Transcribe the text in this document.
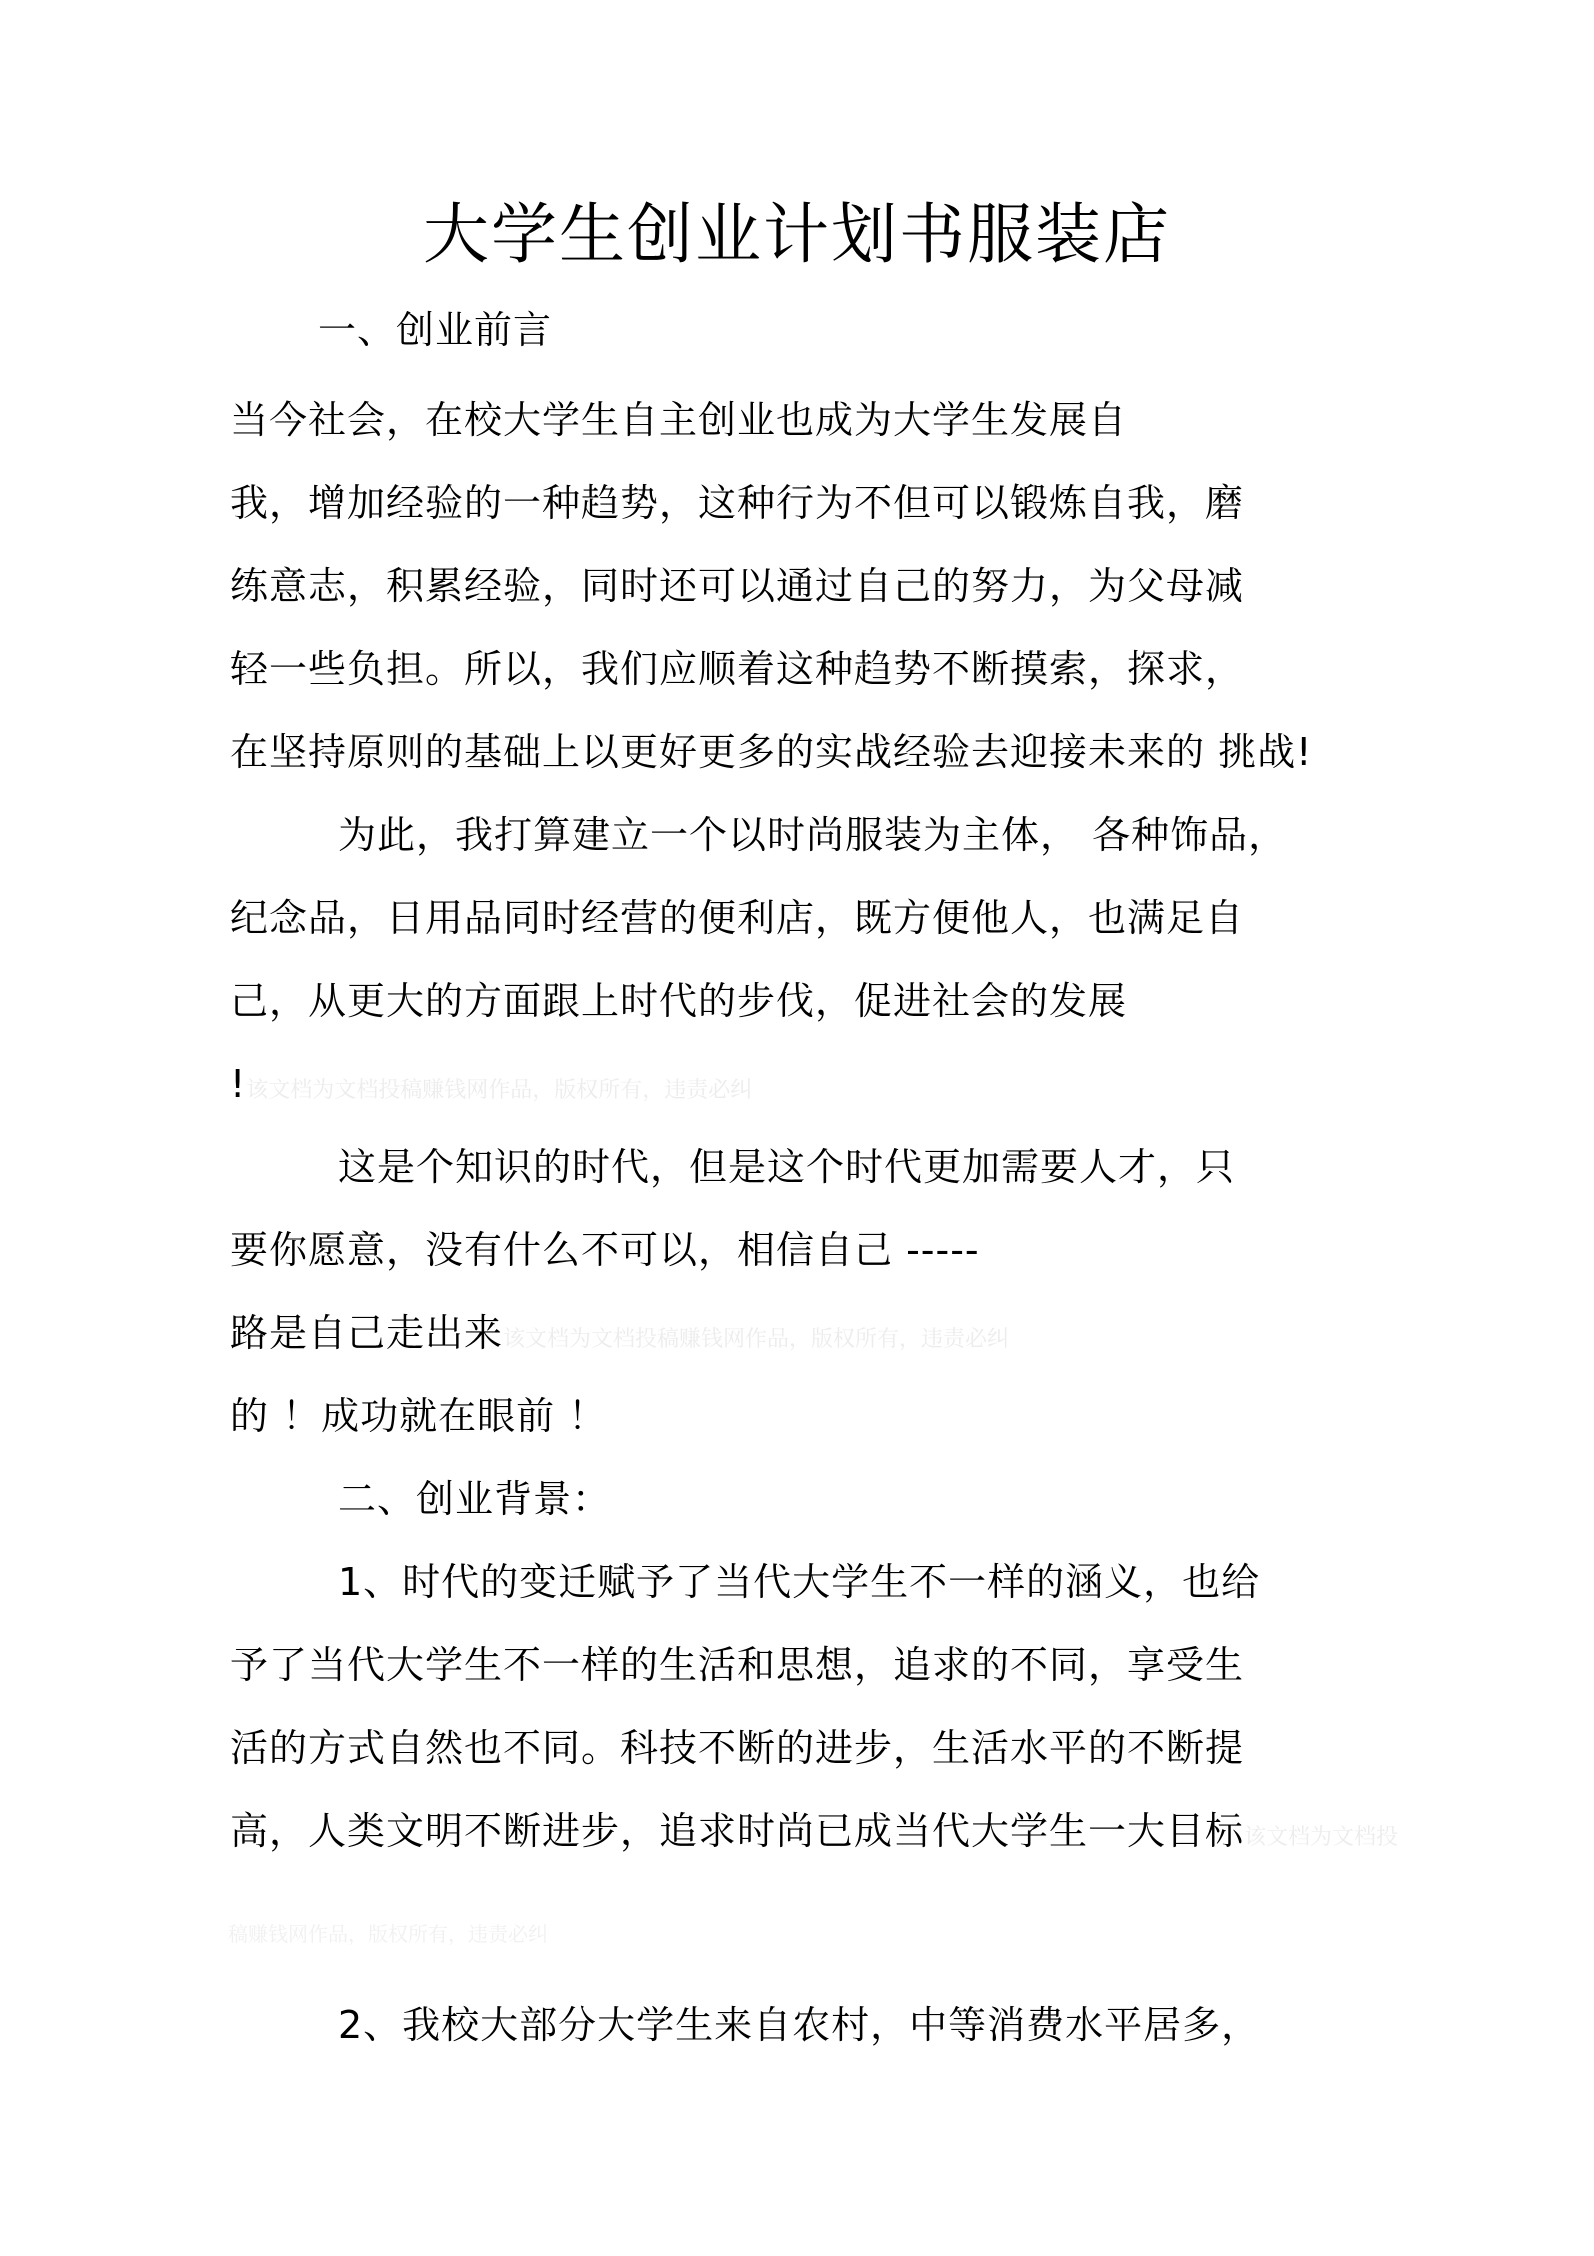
大学生创业计划书服装店
一、创业前言
当今社会，在校大学生自主创业也成为大学生发展自
我，增加经验的一种趋势，这种行为不但可以锻炼自我，磨
练意志，积累经验，同时还可以通过自己的努力，为父母减
轻一些负担。所以，我们应顺着这种趋势不断摸索，探求，
在坚持原则的基础上以更好更多的实战经验去迎接未来的 挑战!
为此，我打算建立一个以时尚服装为主体， 各种饰品，
纪念品，日用品同时经营的便利店，既方便他人，也满足自
己，从更大的方面跟上时代的步伐，促进社会的发展
!该文档为文档投稿赚钱网作品，版权所有，违责必纠
这是个知识的时代，但是这个时代更加需要人才，只
要你愿意，没有什么不可以，相信自己 -----
路是自己走出来该文档为文档投稿赚钱网作品，版权所有，违责必纠
的 ！成功就在眼前 ！
二、创业背景：
1、时代的变迁赋予了当代大学生不一样的涵义，也给
予了当代大学生不一样的生活和思想，追求的不同，享受生
活的方式自然也不同。科技不断的进步，生活水平的不断提
高，人类文明不断进步，追求时尚已成当代大学生一大目标该文档为文档投
稿赚钱网作品，版权所有，违责必纠
2、我校大部分大学生来自农村，中等消费水平居多，
